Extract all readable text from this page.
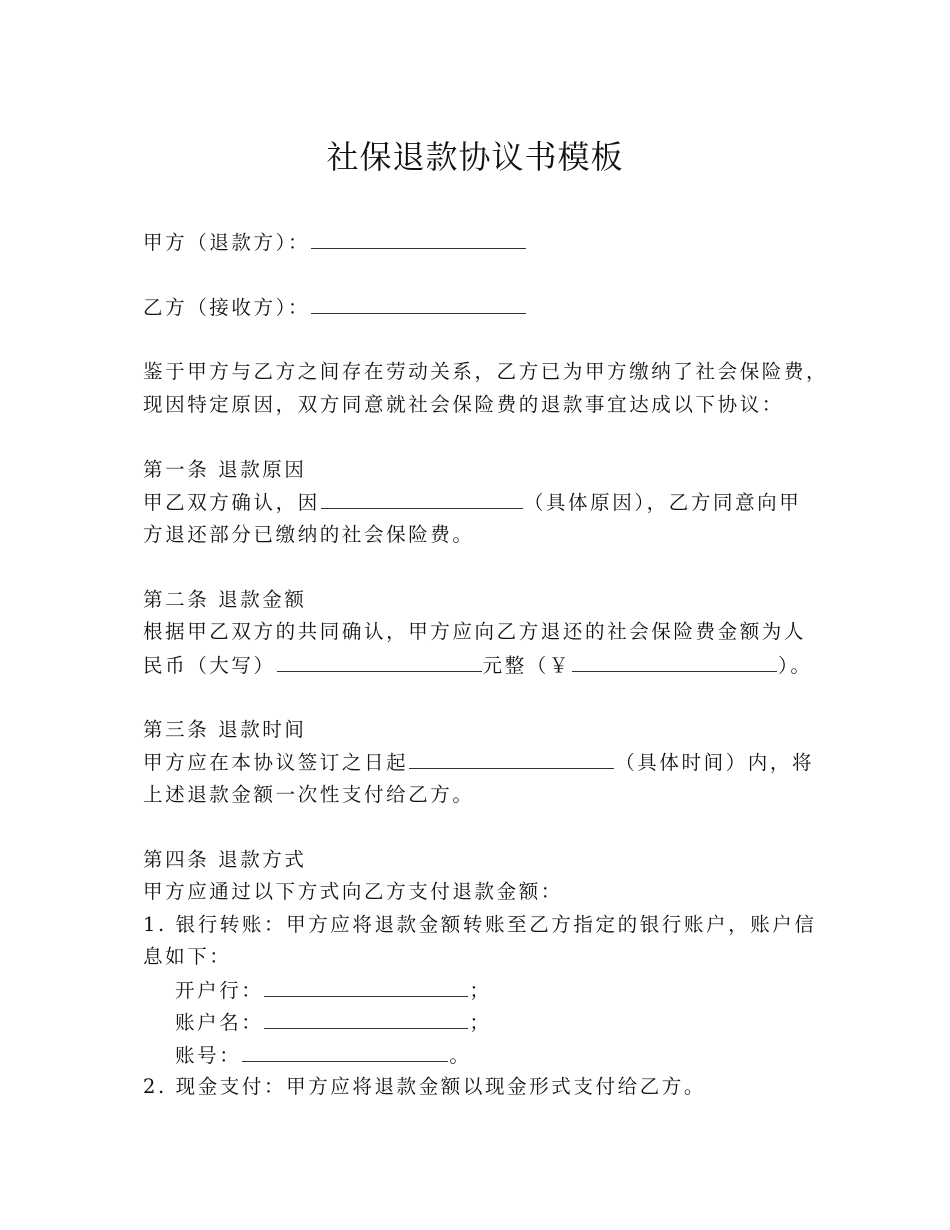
社保退款协议书模板
甲方（退款方）：
乙方（接收方）：
鉴于甲方与乙方之间存在劳动关系，乙方已为甲方缴纳了社会保险费，
现因特定原因，双方同意就社会保险费的退款事宜达成以下协议：
第一条 退款原因
甲乙双方确认，因	（具体原因），乙方同意向甲
方退还部分已缴纳的社会保险费。
第二条 退款金额
根据甲乙双方的共同确认，甲方应向乙方退还的社会保险费金额为人
民币（大写）	元整（￥	）。
第三条 退款时间
甲方应在本协议签订之日起	（具体时间）内，将
上述退款金额一次性支付给乙方。
第四条 退款方式
甲方应通过以下方式向乙方支付退款金额：
1. 银行转账：甲方应将退款金额转账至乙方指定的银行账户，账户信
息如下：
开户行：	；
账户名：	；
账号：	。
2. 现金支付：甲方应将退款金额以现金形式支付给乙方。
